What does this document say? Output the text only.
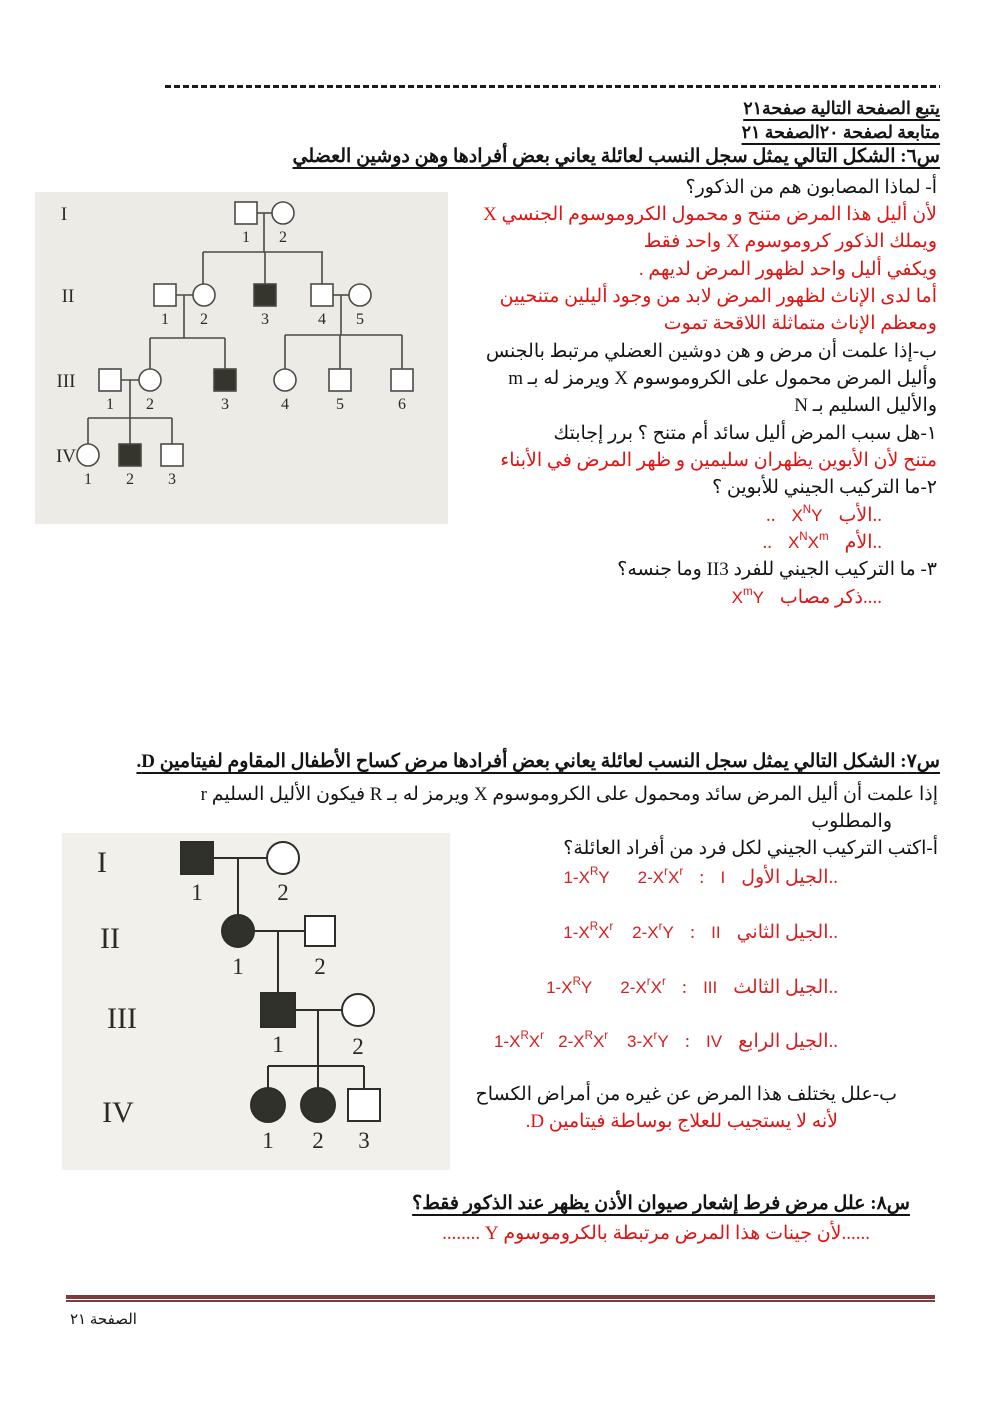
يتبع الصفحة التالية صفحة٢١
متابعة لصفحة ٢٠الصفحة ٢١
س٦: الشكل التالي يمثل سجل النسب لعائلة يعاني بعض أفرادها وهن دوشين العضلي
1 2
1 2	3	4 5
1 2	3	4	5	6
1 2 3
I
II
III
IV
أ- لماذا المصابون هم من الذكور؟
لأن أليل هذا المرض متنح و محمول الكروموسوم الجنسي X
ويملك الذكور كروموسوم X واحد فقط
ويكفي أليل واحد لظهور المرض لديهم .
أما لدى الإناث لظهور المرض لابد من وجود أليلين متنحيين
ومعظم الإناث متماثلة اللاقحة تموت
ب-إذا علمت أن مرض و هن دوشين العضلي مرتبط بالجنس
وأليل المرض محمول على الكروموسوم X ويرمز له بـ m
والأليل السليم بـ N
١-هل سبب المرض أليل سائد أم متنح ؟ برر إجابتك
متنح لأن الأبوين يظهران سليمين و ظهر المرض في الأبناء
٢-ما التركيب الجيني للأبوين ؟
.. $X^NY$ ..الأب
.. $X^NX^m$ ..الأم
٣- ما التركيب الجيني للفرد II3 وما جنسه؟
$X^mY$ ....ذكر مصاب
س٧: الشكل التالي يمثل سجل النسب لعائلة يعاني بعض أفرادها مرض كساح الأطفال المقاوم لفيتامين D.
إذا علمت أن أليل المرض سائد ومحمول على الكروموسوم X ويرمز له بـ R فيكون الأليل السليم r
والمطلوب
أ-اكتب التركيب الجيني لكل فرد من أفراد العائلة؟
1	2
1	2
1	2
1 2 3
I
II
III
IV
$1-X^RY$      $2-X^rX^r$ : I ..الجيل الأول
$1-X^RX^r$    $2-X^rY$ : II ..الجيل الثاني
$1-X^RY$      $2-X^rX^r$ : III ..الجيل الثالث
$1-X^RX^r$   $2-X^RX^r$    $3-X^rY$ : IV ..الجيل الرابع
ب-علل يختلف هذا المرض عن غيره من أمراض الكساح
لأنه لا يستجيب للعلاج بوساطة فيتامين D.
س٨: علل مرض فرط إشعار صيوان الأذن يظهر عند الذكور فقط؟
......لأن جينات هذا المرض مرتبطة بالكروموسوم Y ........
الصفحة ٢١
